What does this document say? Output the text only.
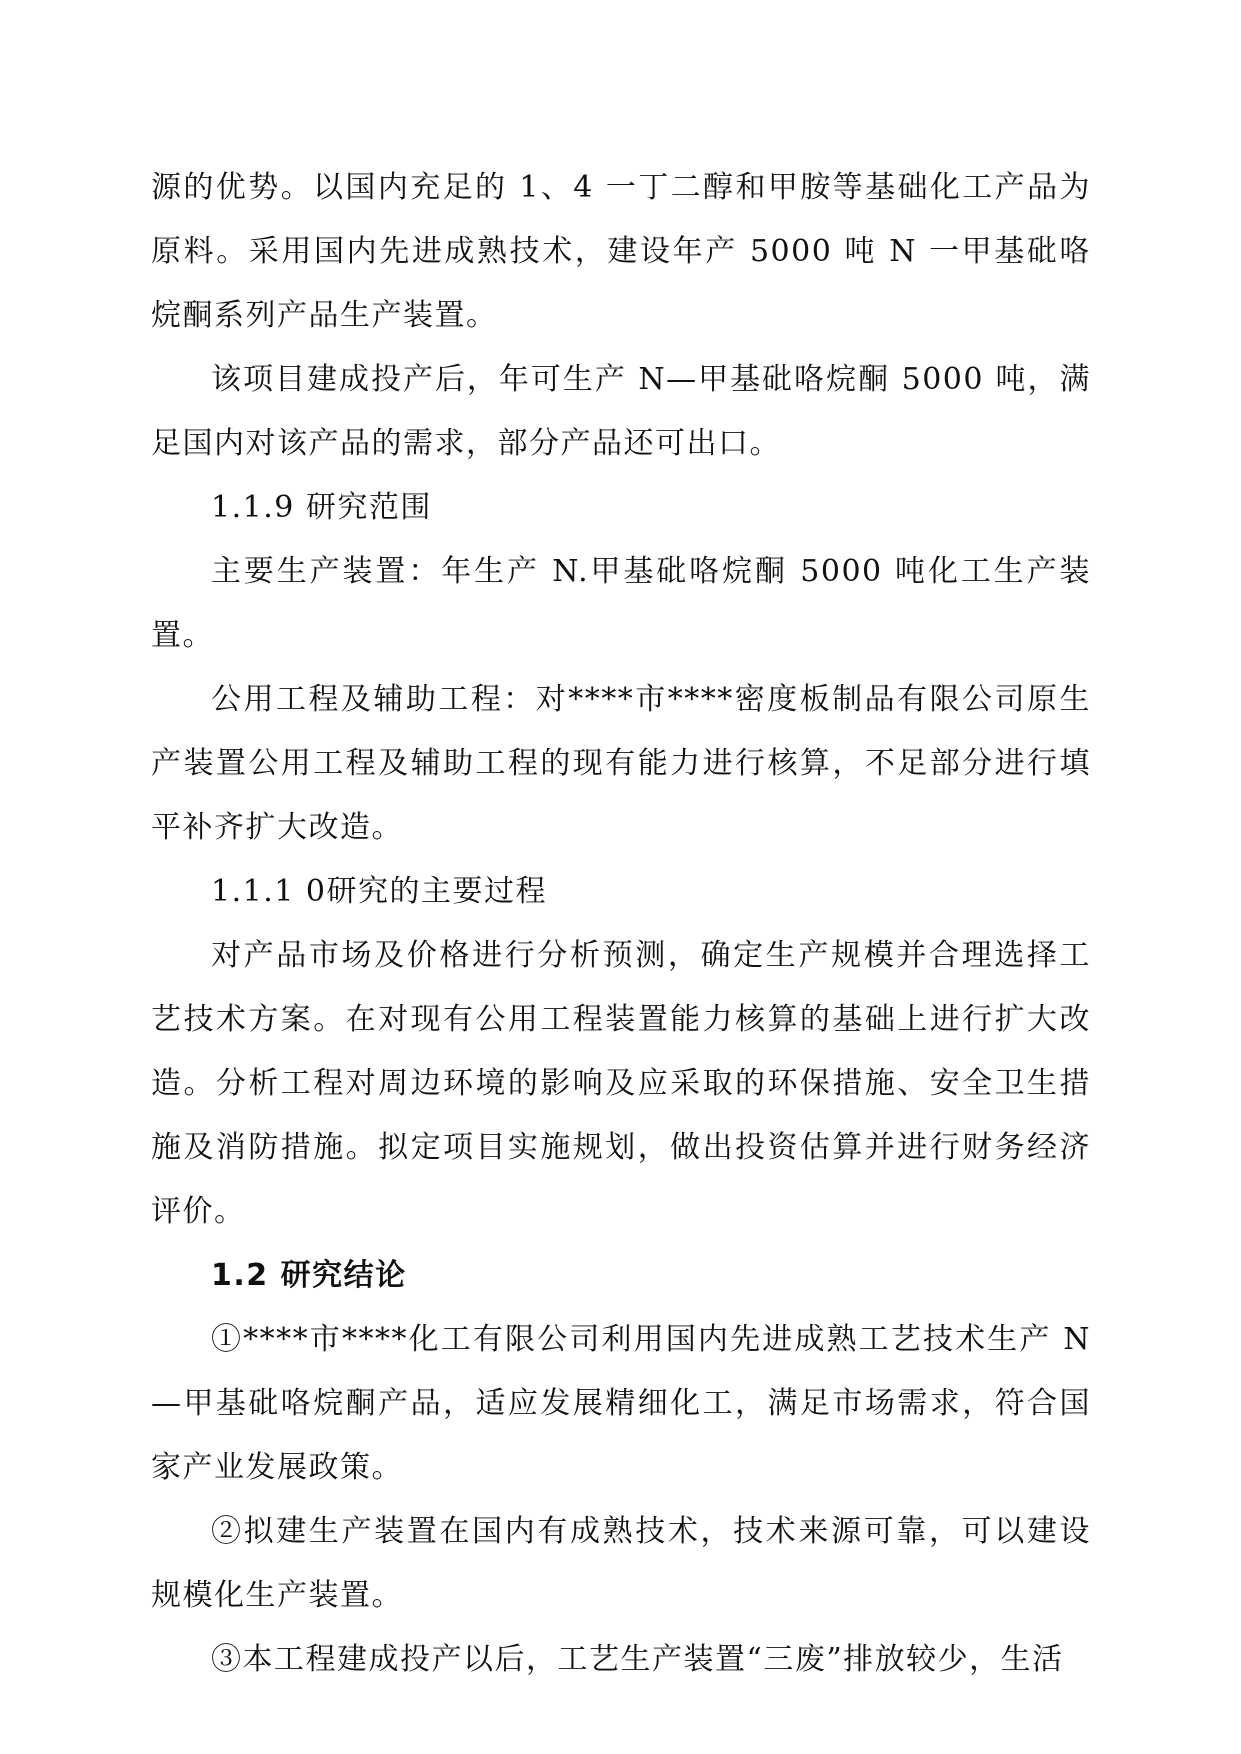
源的优势。以国内充足的 1、4 一丁二醇和甲胺等基础化工产品为原料。采用国内先进成熟技术，建设年产 5000 吨 N 一甲基砒咯烷酮系列产品生产装置。

该项目建成投产后，年可生产 N—甲基砒咯烷酮 5000 吨，满足国内对该产品的需求，部分产品还可出口。

1.1.9 研究范围

主要生产装置：年生产 N.甲基砒咯烷酮 5000 吨化工生产装置。

公用工程及辅助工程：对****市****密度板制品有限公司原生产装置公用工程及辅助工程的现有能力进行核算，不足部分进行填平补齐扩大改造。

1.1.1 0研究的主要过程

对产品市场及价格进行分析预测，确定生产规模并合理选择工艺技术方案。在对现有公用工程装置能力核算的基础上进行扩大改造。分析工程对周边环境的影响及应采取的环保措施、安全卫生措施及消防措施。拟定项目实施规划，做出投资估算并进行财务经济评价。

1.2 研究结论

①****市****化工有限公司利用国内先进成熟工艺技术生产 N—甲基砒咯烷酮产品，适应发展精细化工，满足市场需求，符合国家产业发展政策。

②拟建生产装置在国内有成熟技术，技术来源可靠，可以建设规模化生产装置。

③本工程建成投产以后，工艺生产装置“三废”排放较少，生活
